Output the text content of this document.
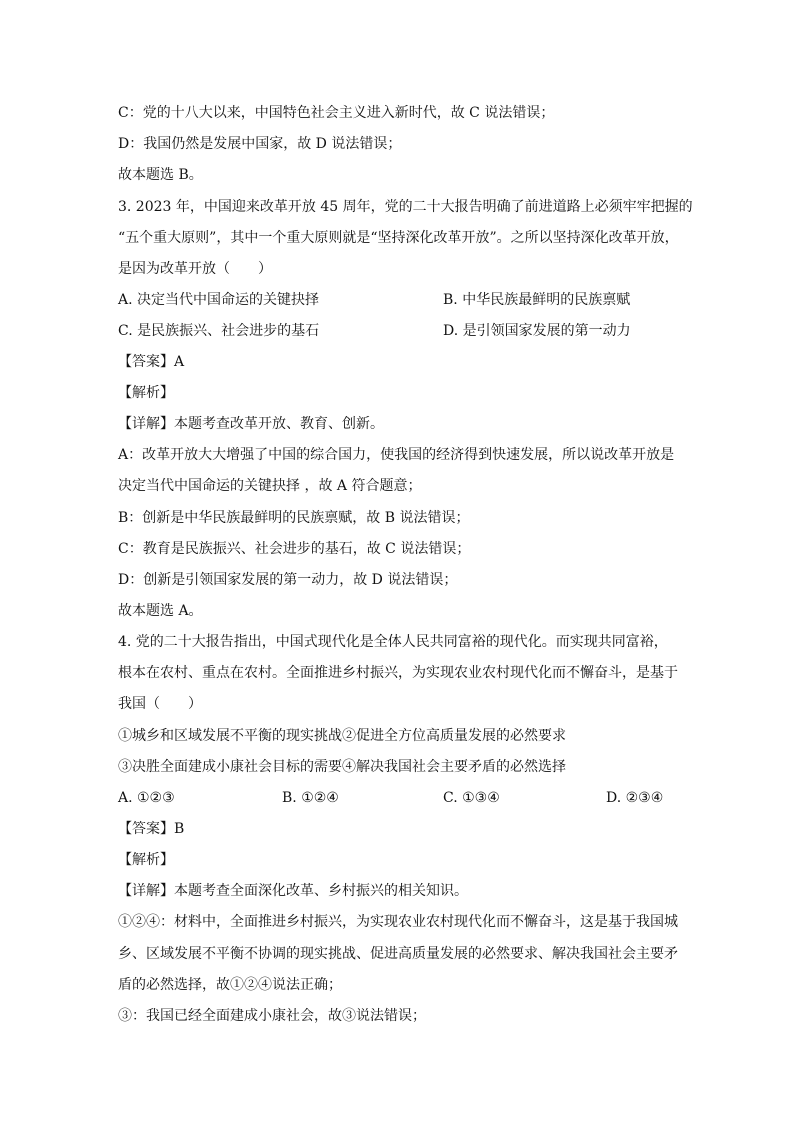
C：党的十八大以来，中国特色社会主义进入新时代，故 C 说法错误；
D：我国仍然是发展中国家，故 D 说法错误；
故本题选 B。
3. 2023 年，中国迎来改革开放 45 周年，党的二十大报告明确了前进道路上必须牢牢把握的
“五个重大原则”，其中一个重大原则就是“坚持深化改革开放”。之所以坚持深化改革开放，
是因为改革开放（　　）
A. 决定当代中国命运的关键抉择	B. 中华民族最鲜明的民族禀赋
C. 是民族振兴、社会进步的基石	D. 是引领国家发展的第一动力
【答案】A
【解析】
【详解】本题考查改革开放、教育、创新。
A：改革开放大大增强了中国的综合国力，使我国的经济得到快速发展，所以说改革开放是
决定当代中国命运的关键抉择 ，故 A 符合题意；
B：创新是中华民族最鲜明的民族禀赋，故 B 说法错误；
C：教育是民族振兴、社会进步的基石，故 C 说法错误；
D：创新是引领国家发展的第一动力，故 D 说法错误；
故本题选 A。
4. 党的二十大报告指出，中国式现代化是全体人民共同富裕的现代化。而实现共同富裕，
根本在农村、重点在农村。全面推进乡村振兴，为实现农业农村现代化而不懈奋斗，是基于
我国（　　）
①城乡和区域发展不平衡的现实挑战②促进全方位高质量发展的必然要求
③决胜全面建成小康社会目标的需要④解决我国社会主要矛盾的必然选择
A. ①②③	B. ①②④	C. ①③④	D. ②③④
【答案】B
【解析】
【详解】本题考查全面深化改革、乡村振兴的相关知识。
①②④：材料中，全面推进乡村振兴，为实现农业农村现代化而不懈奋斗，这是基于我国城
乡、区域发展不平衡不协调的现实挑战、促进高质量发展的必然要求、解决我国社会主要矛
盾的必然选择，故①②④说法正确；
③：我国已经全面建成小康社会，故③说法错误；
